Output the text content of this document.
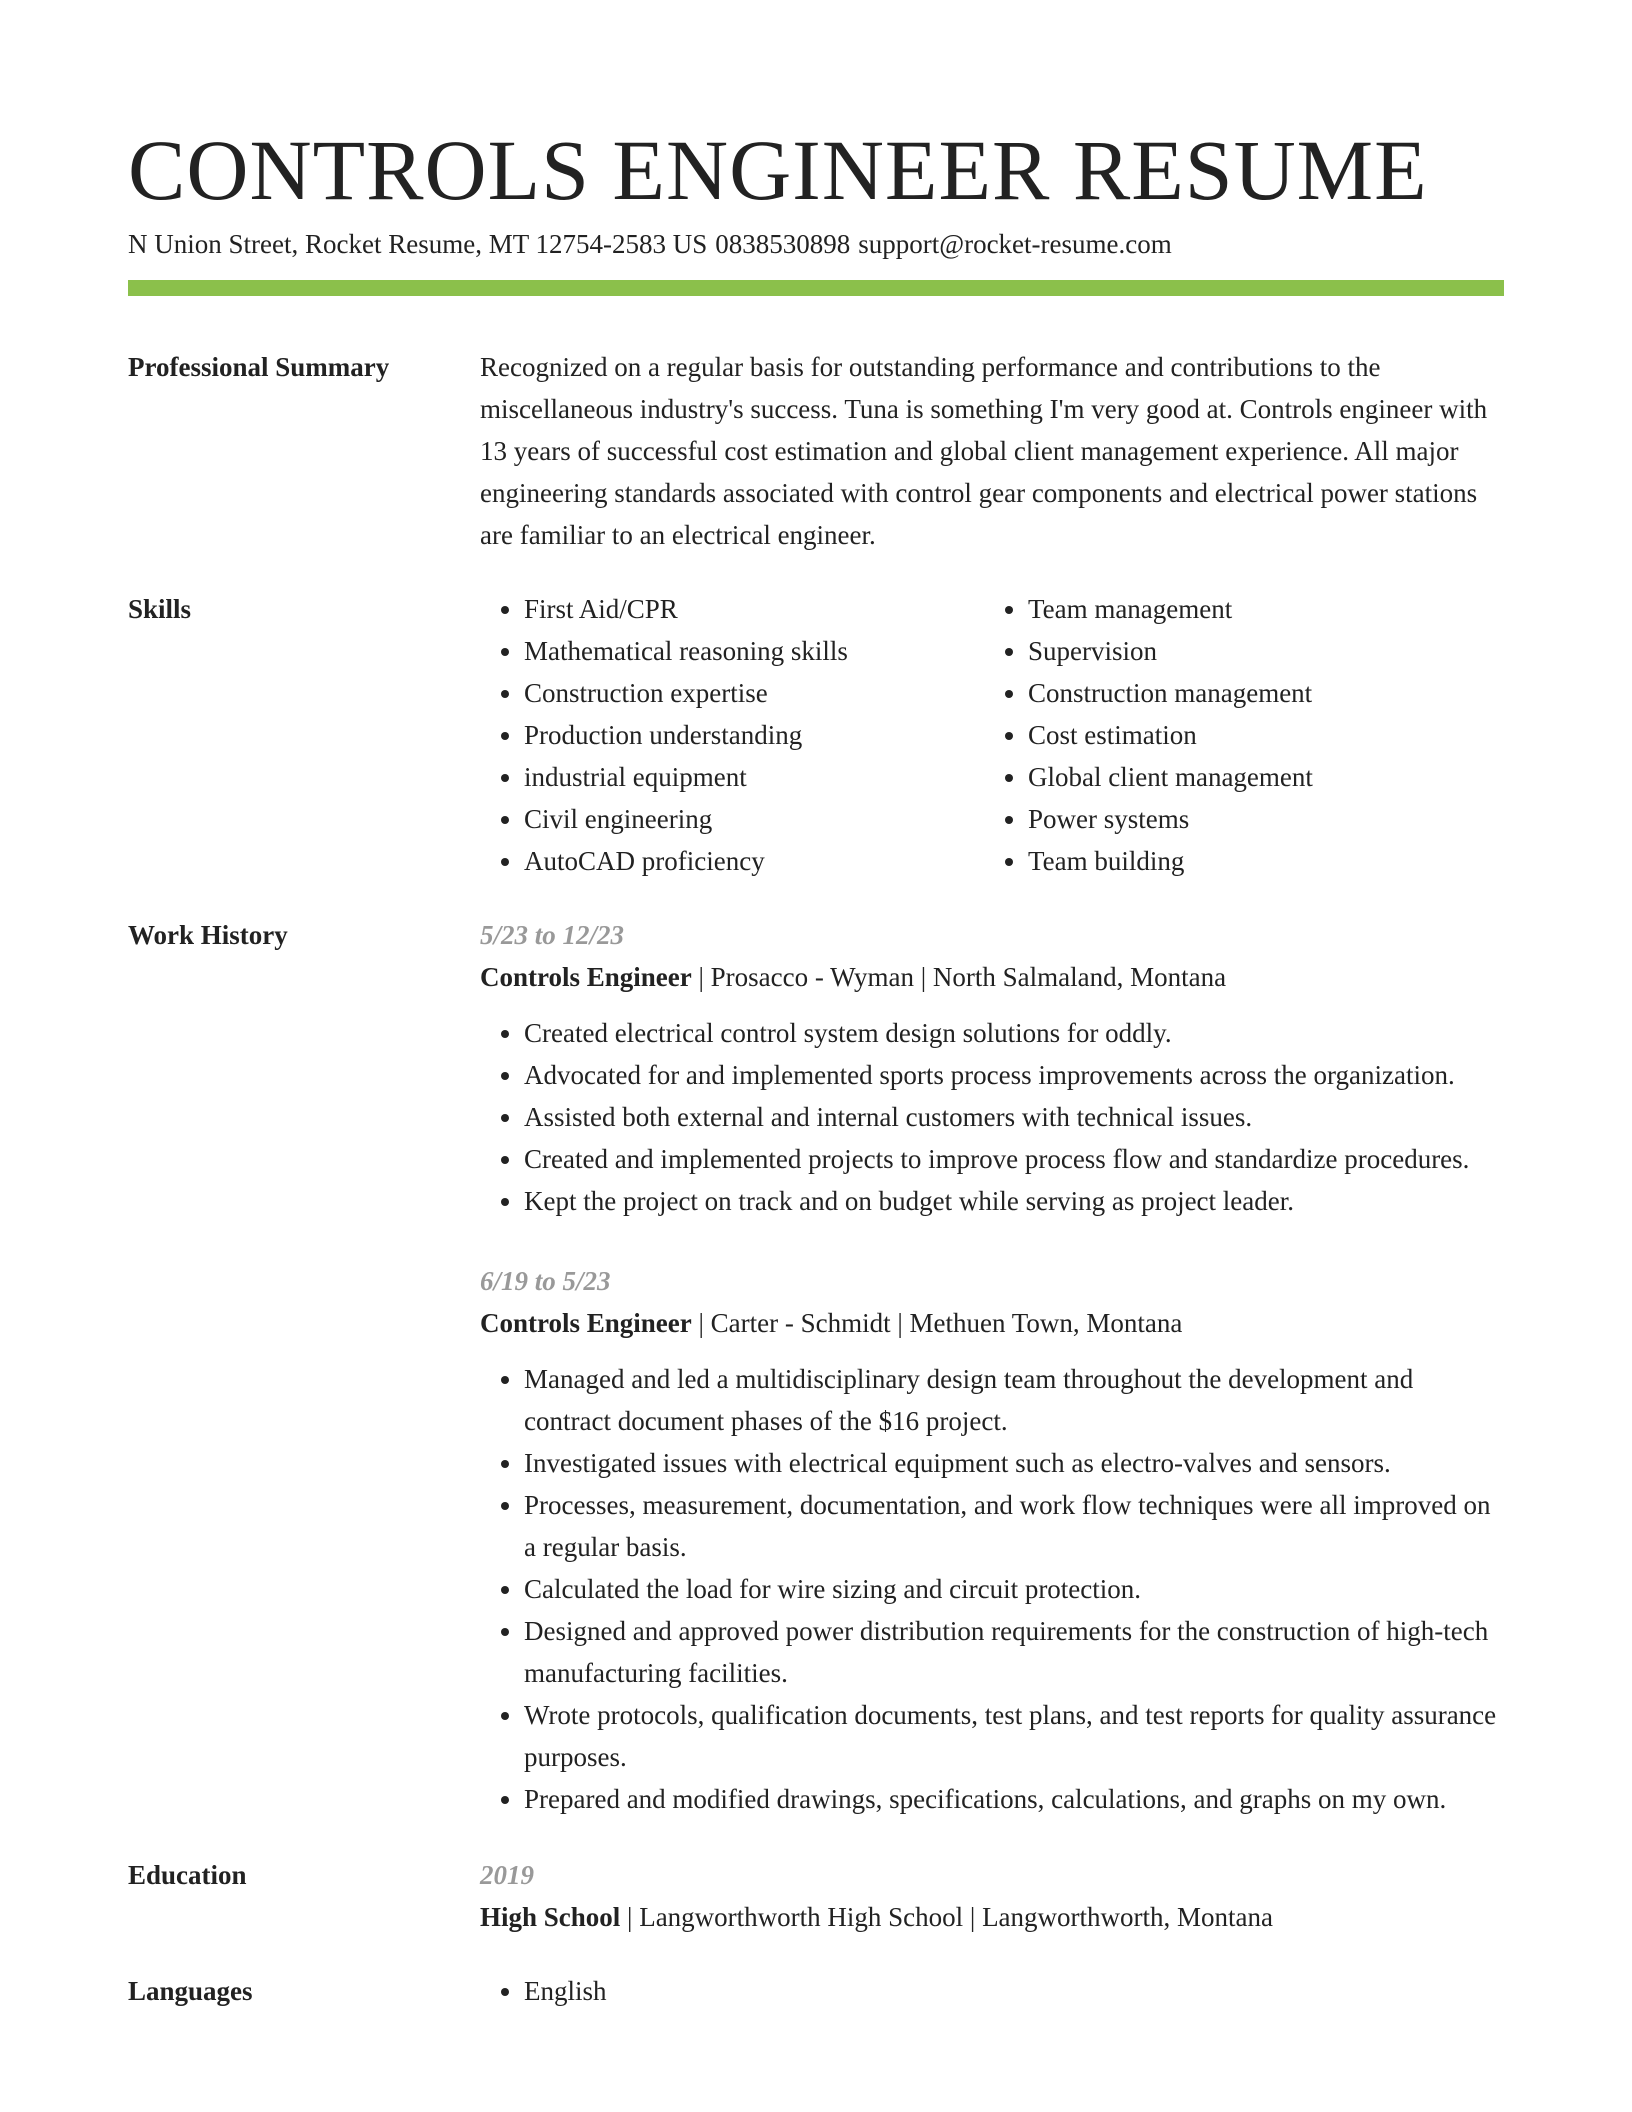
CONTROLS ENGINEER RESUME
N Union Street, Rocket Resume, MT 12754-2583 US 0838530898 support@rocket-resume.com
Professional Summary	Recognized on a regular basis for outstanding performance and contributions to the miscellaneous industry's success. Tuna is something I'm very good at. Controls engineer with 13 years of successful cost estimation and global client management experience. All major engineering standards associated with control gear components and electrical power stations are familiar to an electrical engineer.

Skills	• First Aid/CPR
• Mathematical reasoning skills
• Construction expertise
• Production understanding
• industrial equipment
• Civil engineering
• AutoCAD proficiency
• Team management
• Supervision
• Construction management
• Cost estimation
• Global client management
• Power systems
• Team building
Work History	5/23 to 12/23
Controls Engineer | Prosacco - Wyman | North Salmaland, Montana
• Created electrical control system design solutions for oddly.
• Advocated for and implemented sports process improvements across the organization.
• Assisted both external and internal customers with technical issues.
• Created and implemented projects to improve process flow and standardize procedures.
• Kept the project on track and on budget while serving as project leader.
6/19 to 5/23
Controls Engineer | Carter - Schmidt | Methuen Town, Montana
• Managed and led a multidisciplinary design team throughout the development and contract document phases of the $16 project.
• Investigated issues with electrical equipment such as electro-valves and sensors.
• Processes, measurement, documentation, and work flow techniques were all improved on a regular basis.
• Calculated the load for wire sizing and circuit protection.
• Designed and approved power distribution requirements for the construction of high-tech manufacturing facilities.
• Wrote protocols, qualification documents, test plans, and test reports for quality assurance purposes.
• Prepared and modified drawings, specifications, calculations, and graphs on my own.
Education	2019
High School | Langworthworth High School | Langworthworth, Montana
Languages	• English
